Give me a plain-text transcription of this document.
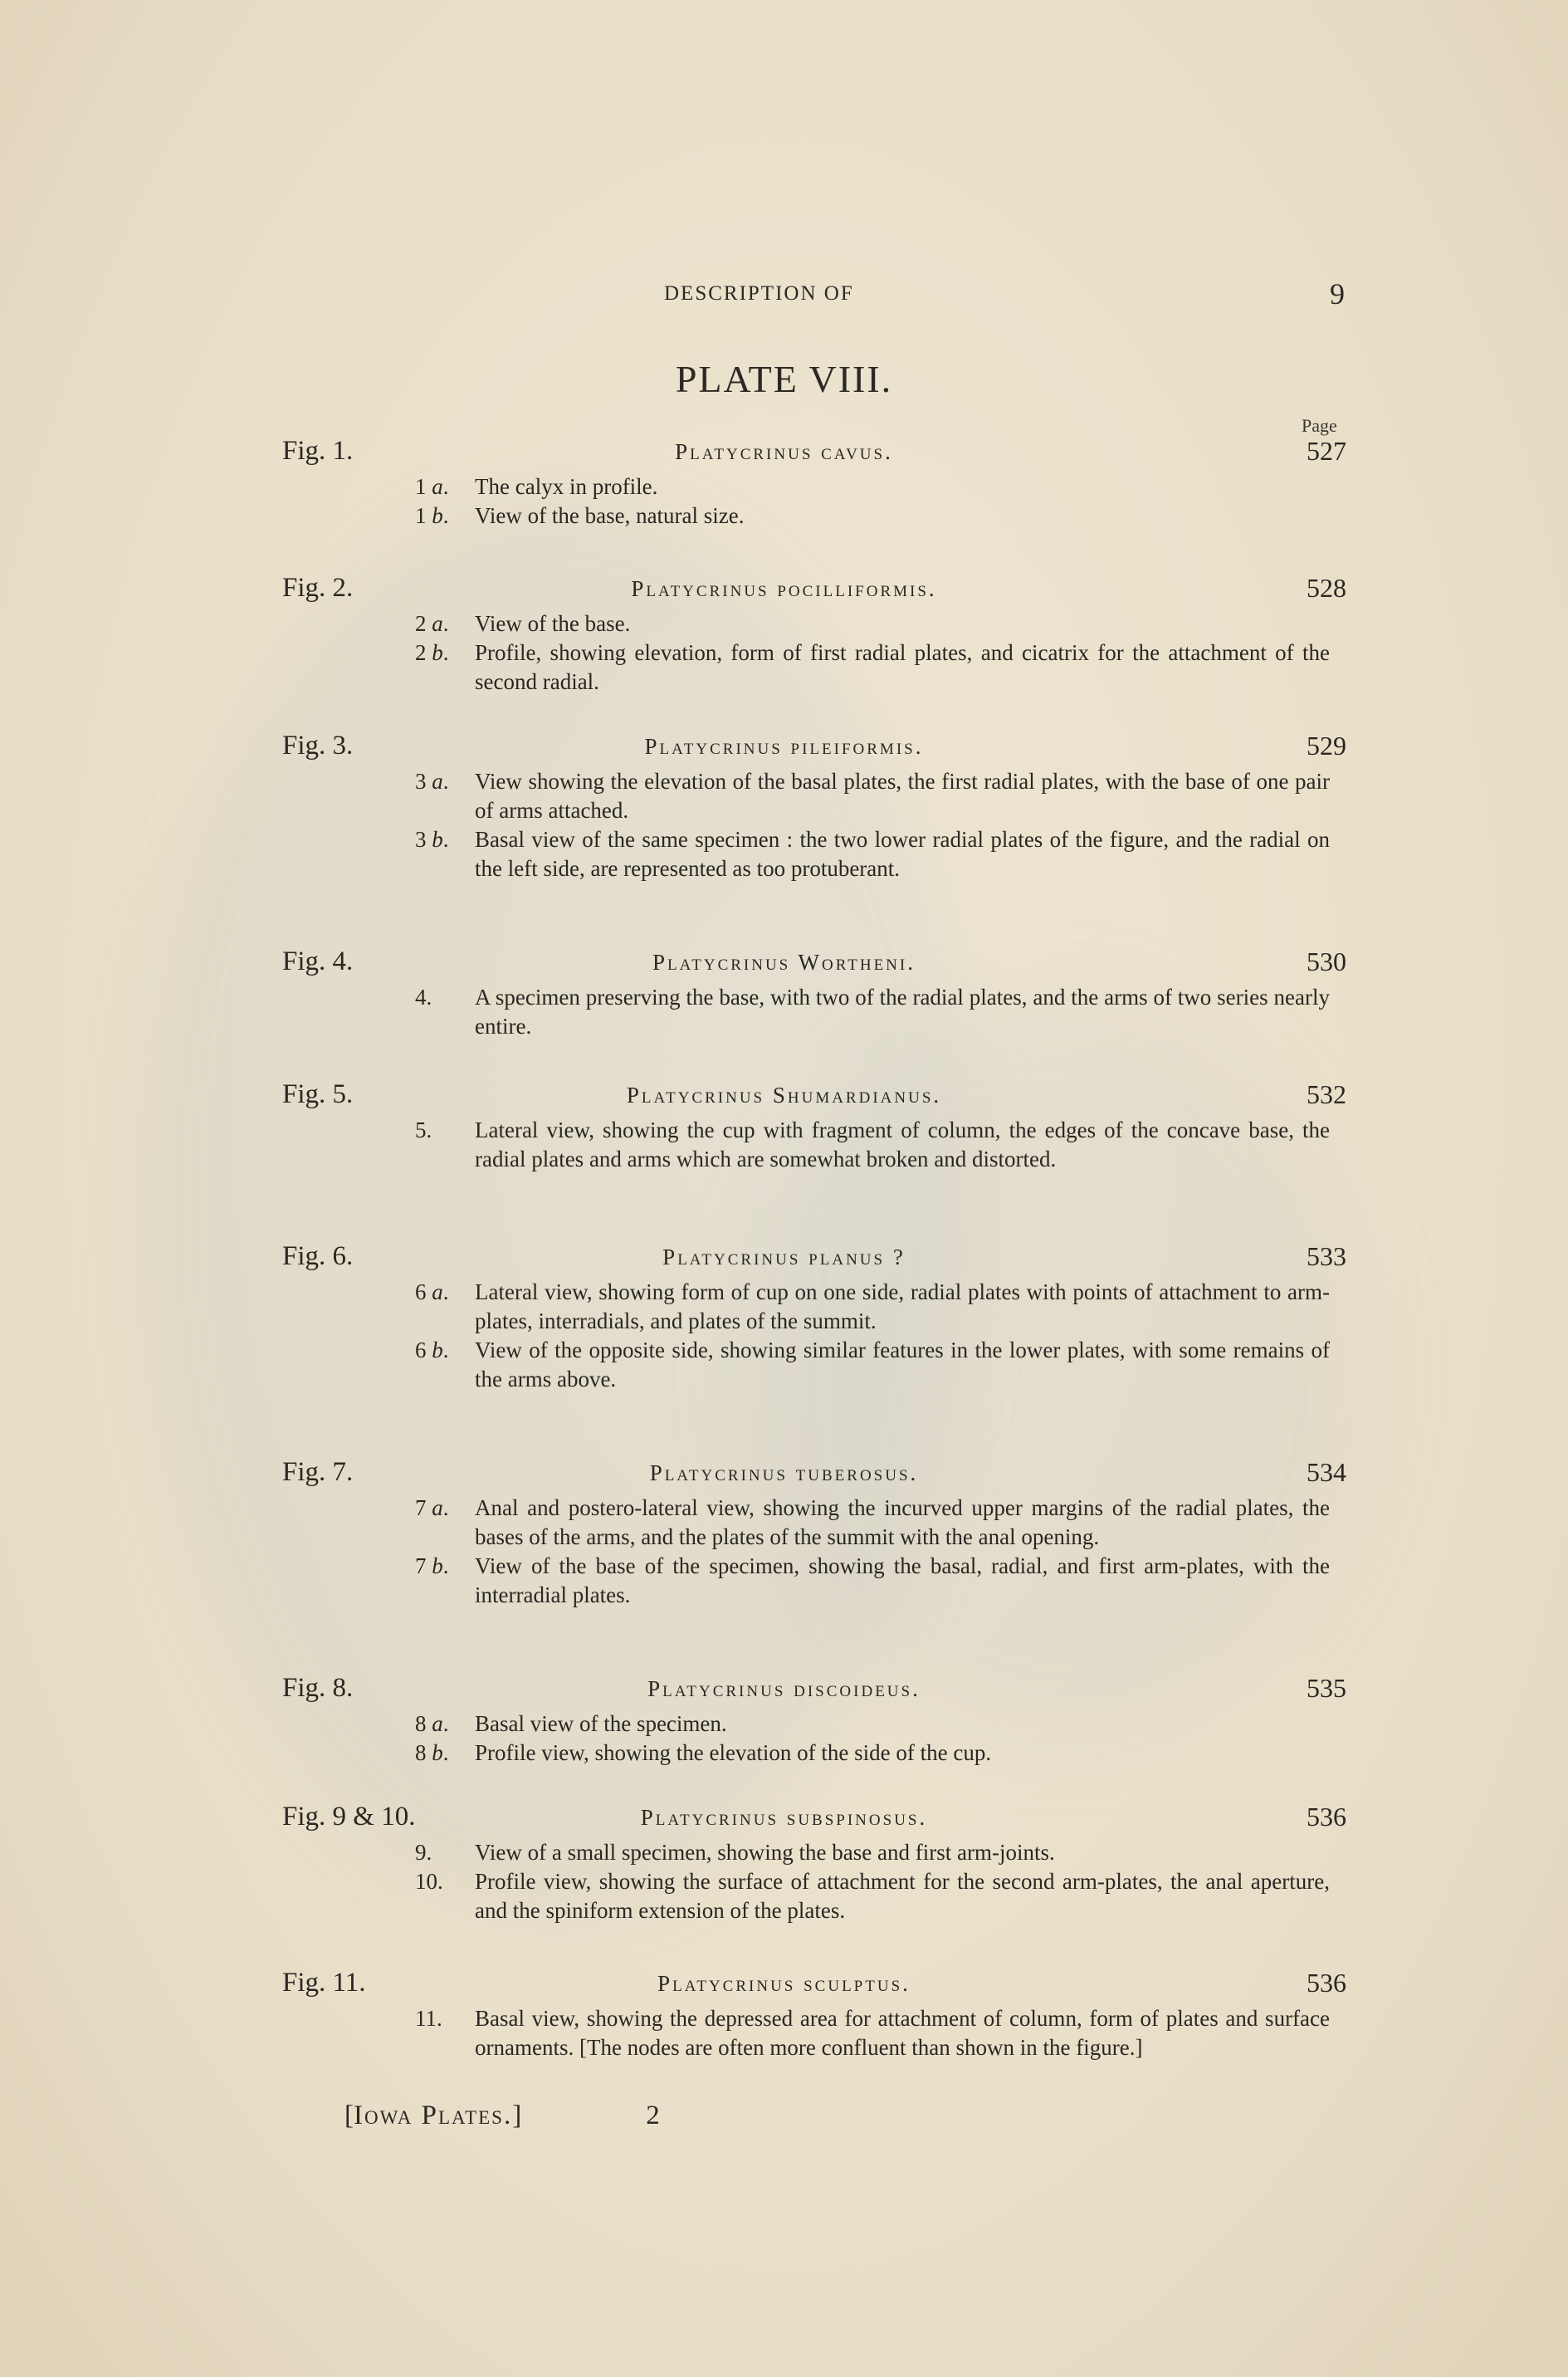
DESCRIPTION OF	9
PLATE VIII.
Page
Fig. 1.	Platycrinus cavus.	527
1 a. The calyx in profile.
1 b. View of the base, natural size.
Fig. 2.	Platycrinus pocilliformis.	528
2 a. View of the base.
2 b. Profile, showing elevation, form of first radial plates, and cicatrix for the attachment of the second radial.
Fig. 3.	Platycrinus pileiformis.	529
3 a. View showing the elevation of the basal plates, the first radial plates, with the base of one pair of arms attached.
3 b. Basal view of the same specimen : the two lower radial plates of the figure, and the radial on the left side, are represented as too protuberant.
Fig. 4.	Platycrinus Wortheni.	530
4. A specimen preserving the base, with two of the radial plates, and the arms of two series nearly entire.
Fig. 5.	Platycrinus Shumardianus.	532
5. Lateral view, showing the cup with fragment of column, the edges of the concave base, the radial plates and arms which are somewhat broken and distorted.
Fig. 6.	Platycrinus planus ?	533
6 a. Lateral view, showing form of cup on one side, radial plates with points of attachment to arm-plates, interradials, and plates of the summit.
6 b. View of the opposite side, showing similar features in the lower plates, with some remains of the arms above.
Fig. 7.	Platycrinus tuberosus.	534
7 a. Anal and postero-lateral view, showing the incurved upper margins of the radial plates, the bases of the arms, and the plates of the summit with the anal opening.
7 b. View of the base of the specimen, showing the basal, radial, and first arm-plates, with the interradial plates.
Fig. 8.	Platycrinus discoideus.	535
8 a. Basal view of the specimen.
8 b. Profile view, showing the elevation of the side of the cup.
Fig. 9 & 10.	Platycrinus subspinosus.	536
9. View of a small specimen, showing the base and first arm-joints.
10. Profile view, showing the surface of attachment for the second arm-plates, the anal aperture, and the spiniform extension of the plates.
Fig. 11.	Platycrinus sculptus.	536
11. Basal view, showing the depressed area for attachment of column, form of plates and surface ornaments. [The nodes are often more confluent than shown in the figure.]
[Iowa Plates.]	2
